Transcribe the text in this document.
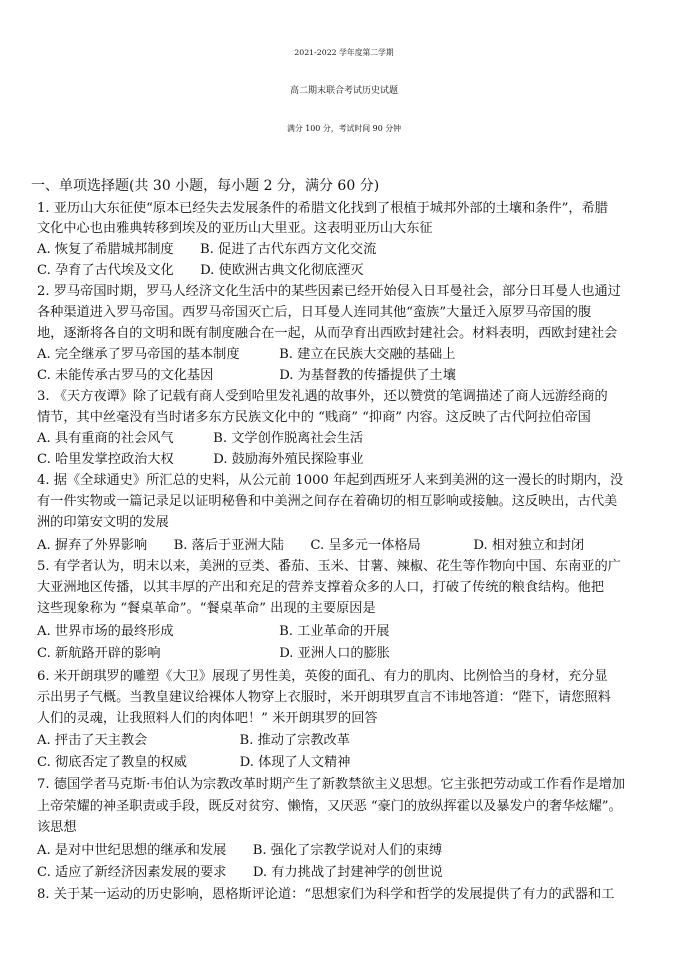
2021-2022 学年度第二学期
高二期末联合考试历史试题
满分 100 分，考试时间 90 分钟
一、单项选择题(共 30 小题，每小题 2 分，满分 60 分)
1. 亚历山大东征使“原本已经失去发展条件的希腊文化找到了根植于城邦外部的土壤和条件”，希腊
文化中心也由雅典转移到埃及的亚历山大里亚。这表明亚历山大东征
A. 恢复了希腊城邦制度　　B. 促进了古代东西方文化交流
C. 孕育了古代埃及文化　　D. 使欧洲古典文化彻底湮灭
2. 罗马帝国时期，罗马人经济文化生活中的某些因素已经开始侵入日耳曼社会，部分日耳曼人也通过
各种渠道进入罗马帝国。西罗马帝国灭亡后，日耳曼人连同其他“蛮族”大量迁入原罗马帝国的腹
地，逐渐将各自的文明和既有制度融合在一起，从而孕育出西欧封建社会。材料表明，西欧封建社会
A. 完全继承了罗马帝国的基本制度　　　B. 建立在民族大交融的基础上
C. 未能传承古罗马的文化基因　　　　　D. 为基督教的传播提供了土壤
3. 《天方夜谭》除了记载有商人受到哈里发礼遇的故事外，还以赞赏的笔调描述了商人远游经商的
情节，其中丝毫没有当时诸多东方民族文化中的 “贱商” “抑商” 内容。这反映了古代阿拉伯帝国
A. 具有重商的社会风气　　　B. 文学创作脱离社会生活
C. 哈里发掌控政治大权　　　D. 鼓励海外殖民探险事业
4. 据《全球通史》所汇总的史料，从公元前 1000 年起到西班牙人来到美洲的这一漫长的时期内，没
有一件实物或一篇记录足以证明秘鲁和中美洲之间存在着确切的相互影响或接触。这反映出，古代美
洲的印第安文明的发展
A. 摒弃了外界影响　　B. 落后于亚洲大陆　　C. 呈多元一体格局　　　　D. 相对独立和封闭
5. 有学者认为，明末以来，美洲的豆类、番茄、玉米、甘薯、辣椒、花生等作物向中国、东南亚的广
大亚洲地区传播，以其丰厚的产出和充足的营养支撑着众多的人口，打破了传统的粮食结构。他把
这些现象称为 “餐桌革命”。“餐桌革命” 出现的主要原因是
A. 世界市场的最终形成　　　　　　　　B. 工业革命的开展
C. 新航路开辟的影响　　　　　　　　　D. 亚洲人口的膨胀
6. 米开朗琪罗的雕塑《大卫》展现了男性美，英俊的面孔、有力的肌肉、比例恰当的身材，充分显
示出男子气概。当教皇建议给裸体人物穿上衣服时，米开朗琪罗直言不讳地答道：“陛下，请您照料
人们的灵魂，让我照料人们的肉体吧！” 米开朗琪罗的回答
A. 抨击了天主教会　　　　　　　B. 推动了宗教改革
C. 彻底否定了教皇的权威　　　　D. 体现了人文精神
7. 德国学者马克斯·韦伯认为宗教改革时期产生了新教禁欲主义思想。它主张把劳动或工作看作是增加
上帝荣耀的神圣职责或手段，既反对贫穷、懒惰，又厌恶 “豪门的放纵挥霍以及暴发户的奢华炫耀”。
该思想
A. 是对中世纪思想的继承和发展　　B. 强化了宗教学说对人们的束缚
C. 适应了新经济因素发展的要求　　D. 有力挑战了封建神学的创世说
8. 关于某一运动的历史影响，恩格斯评论道：“思想家们为科学和哲学的发展提供了有力的武器和工
